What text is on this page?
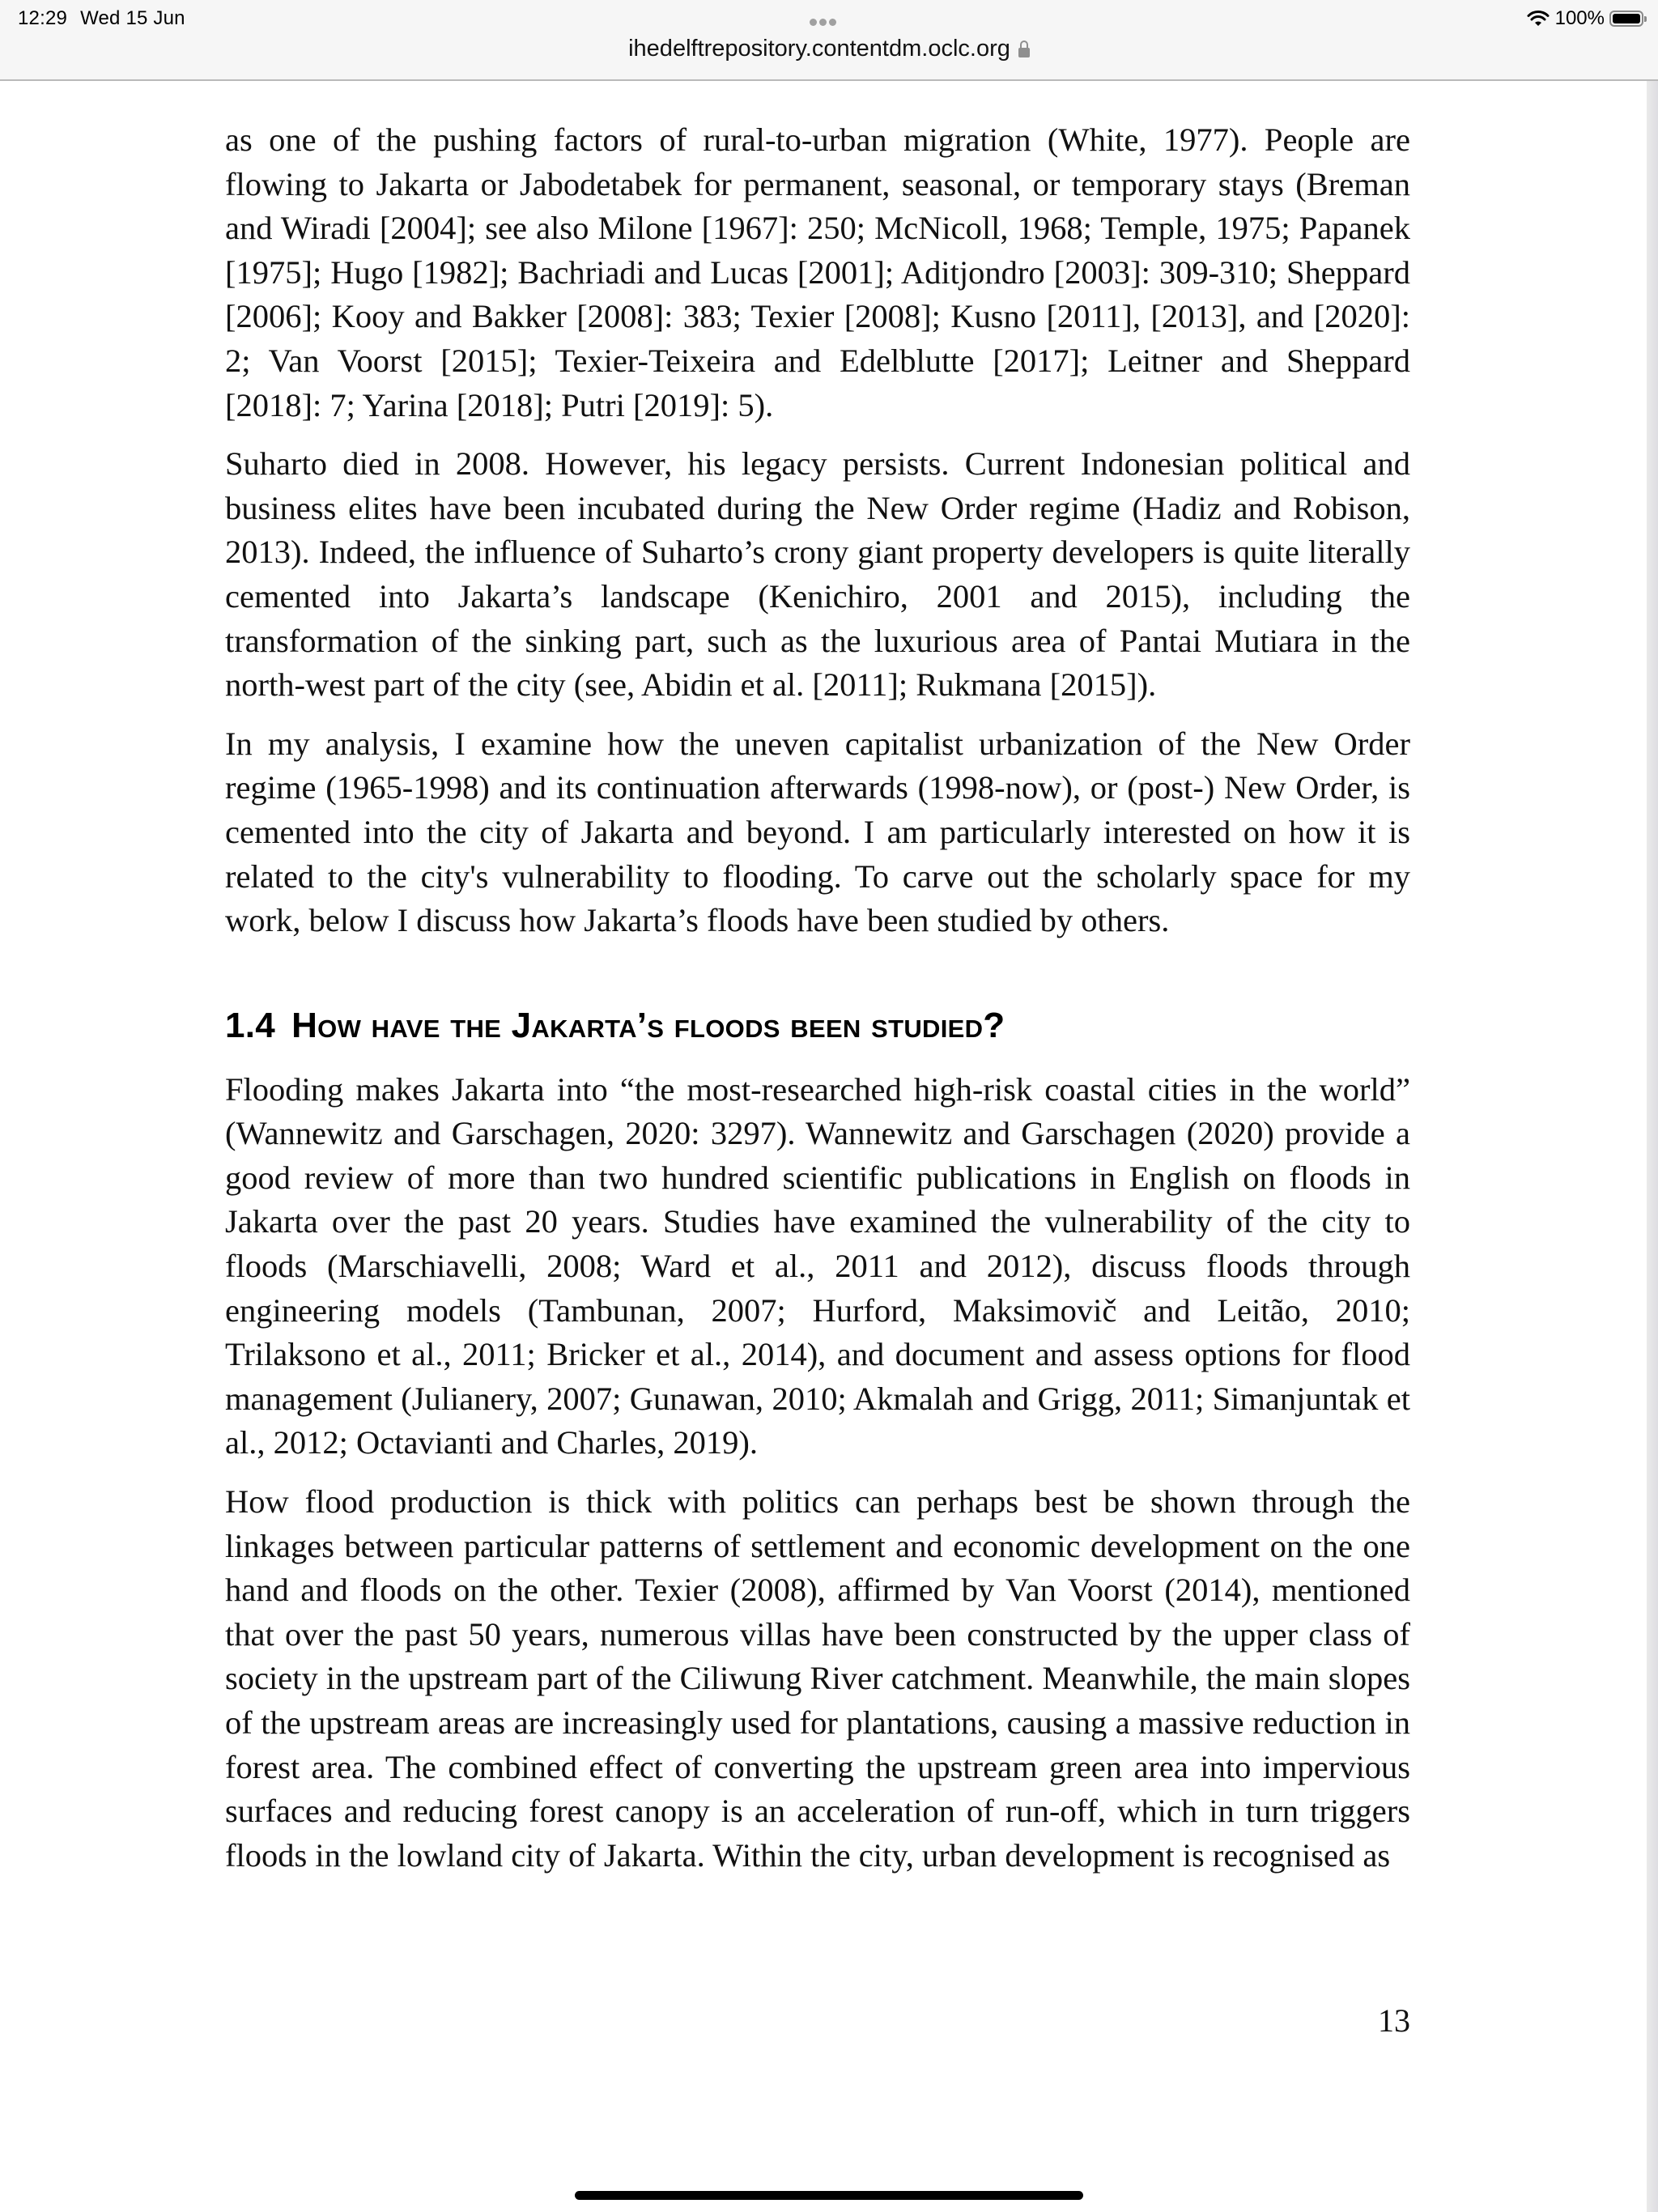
12:29 Wed 15 Jun
ihedelftrepository.contentdm.oclc.org
100%

as one of the pushing factors of rural-to-urban migration (White, 1977). People are flowing to Jakarta or Jabodetabek for permanent, seasonal, or temporary stays (Breman and Wiradi [2004]; see also Milone [1967]: 250; McNicoll, 1968; Temple, 1975; Papanek [1975]; Hugo [1982]; Bachriadi and Lucas [2001]; Aditjondro [2003]: 309-310; Sheppard [2006]; Kooy and Bakker [2008]: 383; Texier [2008]; Kusno [2011], [2013], and [2020]: 2; Van Voorst [2015]; Texier-Teixeira and Edelblutte [2017]; Leitner and Sheppard [2018]: 7; Yarina [2018]; Putri [2019]: 5).

Suharto died in 2008. However, his legacy persists. Current Indonesian political and business elites have been incubated during the New Order regime (Hadiz and Robison, 2013). Indeed, the influence of Suharto’s crony giant property developers is quite literally cemented into Jakarta’s landscape (Kenichiro, 2001 and 2015), including the transformation of the sinking part, such as the luxurious area of Pantai Mutiara in the north-west part of the city (see, Abidin et al. [2011]; Rukmana [2015]).

In my analysis, I examine how the uneven capitalist urbanization of the New Order regime (1965-1998) and its continuation afterwards (1998-now), or (post-) New Order, is cemented into the city of Jakarta and beyond. I am particularly interested on how it is related to the city's vulnerability to flooding. To carve out the scholarly space for my work, below I discuss how Jakarta’s floods have been studied by others.

1.4 How have the Jakarta’s floods been studied?

Flooding makes Jakarta into “the most-researched high-risk coastal cities in the world” (Wannewitz and Garschagen, 2020: 3297). Wannewitz and Garschagen (2020) provide a good review of more than two hundred scientific publications in English on floods in Jakarta over the past 20 years. Studies have examined the vulnerability of the city to floods (Marschiavelli, 2008; Ward et al., 2011 and 2012), discuss floods through engineering models (Tambunan, 2007; Hurford, Maksimovič and Leitão, 2010; Trilaksono et al., 2011; Bricker et al., 2014), and document and assess options for flood management (Julianery, 2007; Gunawan, 2010; Akmalah and Grigg, 2011; Simanjuntak et al., 2012; Octavianti and Charles, 2019).

How flood production is thick with politics can perhaps best be shown through the linkages between particular patterns of settlement and economic development on the one hand and floods on the other. Texier (2008), affirmed by Van Voorst (2014), mentioned that over the past 50 years, numerous villas have been constructed by the upper class of society in the upstream part of the Ciliwung River catchment. Meanwhile, the main slopes of the upstream areas are increasingly used for plantations, causing a massive reduction in forest area. The combined effect of converting the upstream green area into impervious surfaces and reducing forest canopy is an acceleration of run-off, which in turn triggers floods in the lowland city of Jakarta. Within the city, urban development is recognised as

13
